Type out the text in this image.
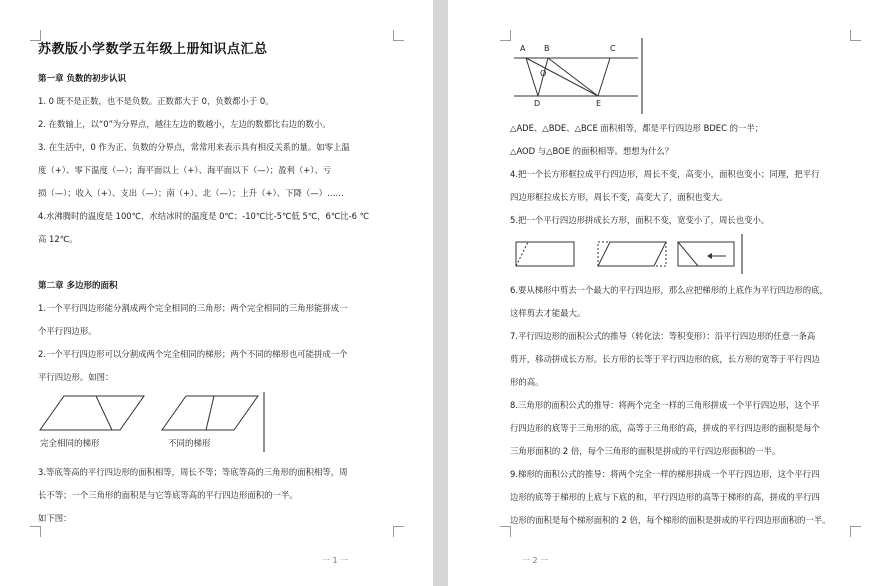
苏教版小学数学五年级上册知识点汇总
第一章 负数的初步认识
1. 0 既不是正数，也不是负数。正数都大于 0，负数都小于 0。
2. 在数轴上，以“0”为分界点，越往左边的数越小，左边的数都比右边的数小。
3. 在生活中，0 作为正、负数的分界点，常常用来表示具有相反关系的量。如零上温
度（+）、零下温度（—）；海平面以上（+）、海平面以下（—）；盈利（+）、亏
损（—）；收入（+）、支出（—）；南（+）、北（—）；上升（+）、下降（—）……
4.水沸腾时的温度是 100℃，水结冰时的温度是 0℃；-10℃比-5℃低 5℃，6℃比-6 ℃
高 12℃。
第二章 多边形的面积
1.一个平行四边形能分割成两个完全相同的三角形；两个完全相同的三角形能拼成一
个平行四边形。
2.一个平行四边形可以分割成两个完全相同的梯形；两个不同的梯形也可能拼成一个
平行四边形。如图：
完全相同的梯形	不同的梯形
3.等底等高的平行四边形的面积相等，周长不等；等底等高的三角形的面积相等，周
长不等；一个三角形的面积是与它等底等高的平行四边形面积的一半。
如下图：
一 1 一
A B	C
O
D	E
△ADE、△BDE、△BCE 面积相等，都是平行四边形 BDEC 的一半；
△AOD 与△BOE 的面积相等。想想为什么？
4.把一个长方形框拉成平行四边形，周长不变，高变小，面积也变小；同理，把平行
四边形框拉成长方形，周长不变，高变大了，面积也变大。
5.把一个平行四边形拼成长方形，面积不变，宽变小了，周长也变小。
6.要从梯形中剪去一个最大的平行四边形，那么应把梯形的上底作为平行四边形的底，
这样剪去才能最大。
7.平行四边形的面积公式的推导（转化法：等积变形）：沿平行四边形的任意一条高
剪开，移动拼成长方形。长方形的长等于平行四边形的底，长方形的宽等于平行四边
形的高。
8.三角形的面积公式的推导：将两个完全一样的三角形拼成一个平行四边形，这个平
行四边形的底等于三角形的底，高等于三角形的高，拼成的平行四边形的面积是每个
三角形面积的 2 倍，每个三角形的面积是拼成的平行四边形面积的一半。
9.梯形的面积公式的推导：将两个完全一样的梯形拼成一个平行四边形，这个平行四
边形的底等于梯形的上底与下底的和，平行四边形的高等于梯形的高，拼成的平行四
边形的面积是每个梯形面积的 2 倍，每个梯形的面积是拼成的平行四边形面积的一半。
一 2 一
